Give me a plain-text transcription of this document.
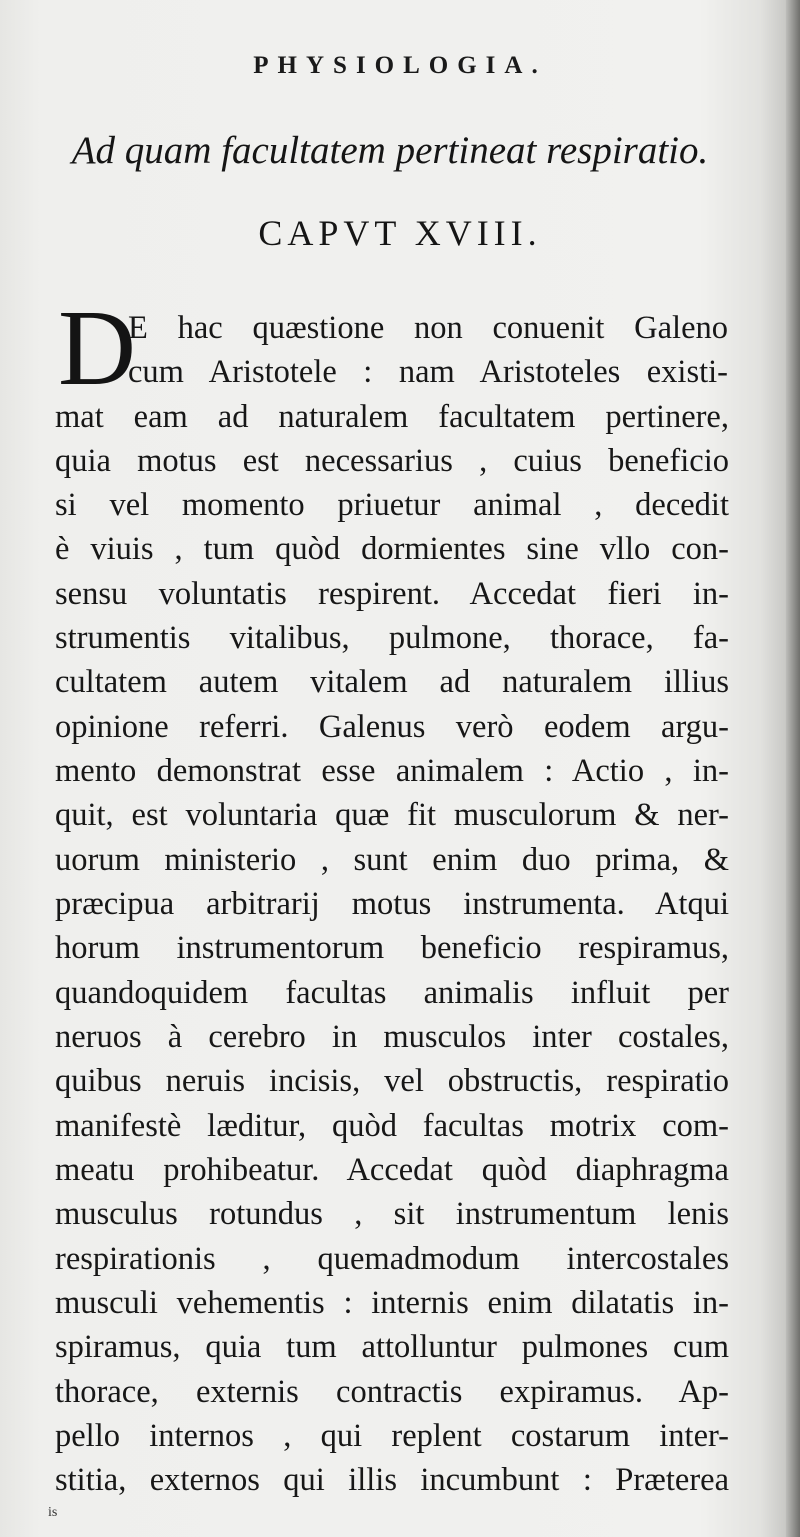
PHYSIOLOGIA.
Ad quam facultatem pertineat respiratio.
CAPVT XVIII.
D
E hac quæstione non conuenit Galeno
cum Aristotele : nam Aristoteles existi-
mat eam ad naturalem facultatem pertinere,
quia motus est necessarius , cuius beneficio
si vel momento priuetur animal , decedit
è viuis , tum quòd dormientes sine vllo con-
sensu voluntatis respirent. Accedat fieri in-
strumentis vitalibus, pulmone, thorace, fa-
cultatem autem vitalem ad naturalem illius
opinione referri. Galenus verò eodem argu-
mento demonstrat esse animalem : Actio , in-
quit, est voluntaria quæ fit musculorum & ner-
uorum ministerio , sunt enim duo prima, &
præcipua arbitrarij motus instrumenta. Atqui
horum instrumentorum beneficio respiramus,
quandoquidem facultas animalis influit per
neruos à cerebro in musculos inter costales,
quibus neruis incisis, vel obstructis, respiratio
manifestè læditur, quòd facultas motrix com-
meatu prohibeatur. Accedat quòd diaphragma
musculus rotundus , sit instrumentum lenis
respirationis , quemadmodum intercostales
musculi vehementis : internis enim dilatatis in-
spiramus, quia tum attolluntur pulmones cum
thorace, externis contractis expiramus. Ap-
pello internos , qui replent costarum inter-
stitia, externos qui illis incumbunt : Præterea
is
